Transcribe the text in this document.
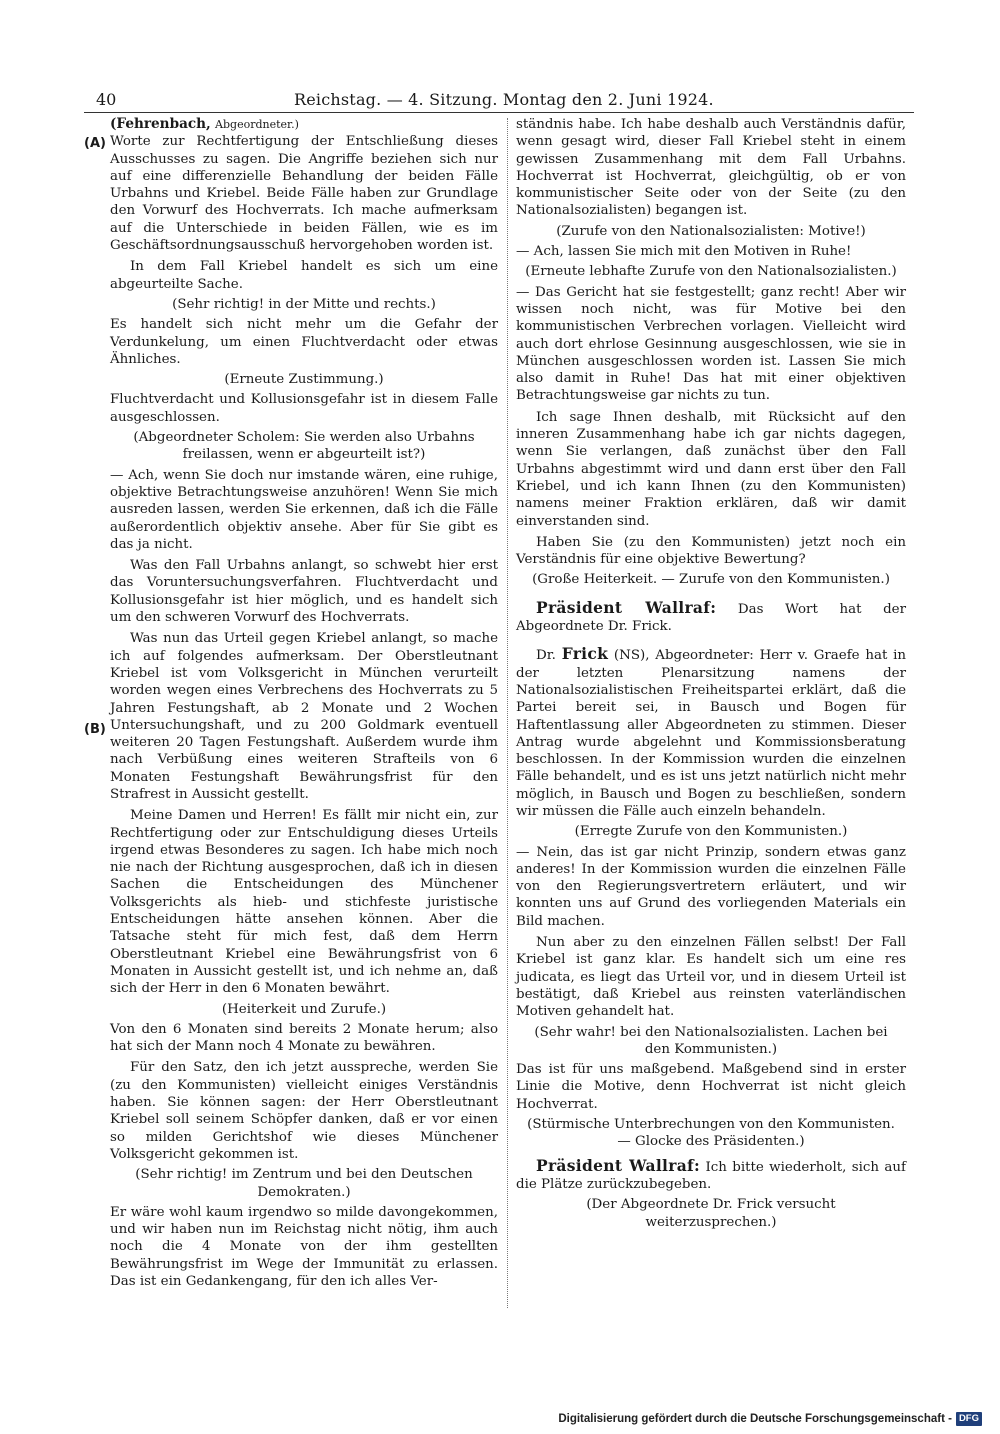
40	Reichstag. — 4. Sitzung. Montag den 2. Juni 1924.
(A)
(B)

(Fehrenbach, Abgeordneter.)

Worte zur Rechtfertigung der Entschließung dieses Ausschusses zu sagen. Die Angriffe beziehen sich nur auf eine differenzielle Behandlung der beiden Fälle Urbahns und Kriebel. Beide Fälle haben zur Grundlage den Vorwurf des Hochverrats. Ich mache aufmerksam auf die Unterschiede in beiden Fällen, wie es im Geschäftsordnungsausschuß hervorgehoben worden ist.

In dem Fall Kriebel handelt es sich um eine abgeurteilte Sache.

(Sehr richtig! in der Mitte und rechts.)

Es handelt sich nicht mehr um die Gefahr der Verdunkelung, um einen Fluchtverdacht oder etwas Ähnliches.

(Erneute Zustimmung.)

Fluchtverdacht und Kollusionsgefahr ist in diesem Falle ausgeschlossen.

(Abgeordneter Scholem: Sie werden also Urbahns freilassen, wenn er abgeurteilt ist?)

— Ach, wenn Sie doch nur imstande wären, eine ruhige, objektive Betrachtungsweise anzuhören! Wenn Sie mich ausreden lassen, werden Sie erkennen, daß ich die Fälle außerordentlich objektiv ansehe. Aber für Sie gibt es das ja nicht.

Was den Fall Urbahns anlangt, so schwebt hier erst das Voruntersuchungsverfahren. Fluchtverdacht und Kollusionsgefahr ist hier möglich, und es handelt sich um den schweren Vorwurf des Hochverrats.

Was nun das Urteil gegen Kriebel anlangt, so mache ich auf folgendes aufmerksam. Der Oberstleutnant Kriebel ist vom Volksgericht in München verurteilt worden wegen eines Verbrechens des Hochverrats zu 5 Jahren Festungshaft, ab 2 Monate und 2 Wochen Untersuchungshaft, und zu 200 Goldmark eventuell weiteren 20 Tagen Festungshaft. Außerdem wurde ihm nach Verbüßung eines weiteren Strafteils von 6 Monaten Festungshaft Bewährungsfrist für den Strafrest in Aussicht gestellt.

Meine Damen und Herren! Es fällt mir nicht ein, zur Rechtfertigung oder zur Entschuldigung dieses Urteils irgend etwas Besonderes zu sagen. Ich habe mich noch nie nach der Richtung ausgesprochen, daß ich in diesen Sachen die Entscheidungen des Münchener Volksgerichts als hieb- und stichfeste juristische Entscheidungen hätte ansehen können. Aber die Tatsache steht für mich fest, daß dem Herrn Oberstleutnant Kriebel eine Bewährungsfrist von 6 Monaten in Aussicht gestellt ist, und ich nehme an, daß sich der Herr in den 6 Monaten bewährt.

(Heiterkeit und Zurufe.)

Von den 6 Monaten sind bereits 2 Monate herum; also hat sich der Mann noch 4 Monate zu bewähren.

Für den Satz, den ich jetzt ausspreche, werden Sie (zu den Kommunisten) vielleicht einiges Verständnis haben. Sie können sagen: der Herr Oberstleutnant Kriebel soll seinem Schöpfer danken, daß er vor einen so milden Gerichtshof wie dieses Münchener Volksgericht gekommen ist.

(Sehr richtig! im Zentrum und bei den Deutschen Demokraten.)

Er wäre wohl kaum irgendwo so milde davongekommen, und wir haben nun im Reichstag nicht nötig, ihm auch noch die 4 Monate von der ihm gestellten Bewährungsfrist im Wege der Immunität zu erlassen. Das ist ein Gedankengang, für den ich alles Ver-

ständnis habe. Ich habe deshalb auch Verständnis dafür, wenn gesagt wird, dieser Fall Kriebel steht in einem gewissen Zusammenhang mit dem Fall Urbahns. Hochverrat ist Hochverrat, gleichgültig, ob er von kommunistischer Seite oder von der Seite (zu den Nationalsozialisten) begangen ist.

(Zurufe von den Nationalsozialisten: Motive!)

— Ach, lassen Sie mich mit den Motiven in Ruhe!

(Erneute lebhafte Zurufe von den Nationalsozialisten.)

— Das Gericht hat sie festgestellt; ganz recht! Aber wir wissen noch nicht, was für Motive bei den kommunistischen Verbrechen vorlagen. Vielleicht wird auch dort ehrlose Gesinnung ausgeschlossen, wie sie in München ausgeschlossen worden ist. Lassen Sie mich also damit in Ruhe! Das hat mit einer objektiven Betrachtungsweise gar nichts zu tun.

Ich sage Ihnen deshalb, mit Rücksicht auf den inneren Zusammenhang habe ich gar nichts dagegen, wenn Sie verlangen, daß zunächst über den Fall Urbahns abgestimmt wird und dann erst über den Fall Kriebel, und ich kann Ihnen (zu den Kommunisten) namens meiner Fraktion erklären, daß wir damit einverstanden sind.

Haben Sie (zu den Kommunisten) jetzt noch ein Verständnis für eine objektive Bewertung?

(Große Heiterkeit. — Zurufe von den Kommunisten.)

Präsident Wallraf: Das Wort hat der Abgeordnete Dr. Frick.

Dr. Frick (NS), Abgeordneter: Herr v. Graefe hat in der letzten Plenarsitzung namens der Nationalsozialistischen Freiheitspartei erklärt, daß die Partei bereit sei, in Bausch und Bogen für Haftentlassung aller Abgeordneten zu stimmen. Dieser Antrag wurde abgelehnt und Kommissionsberatung beschlossen. In der Kommission wurden die einzelnen Fälle behandelt, und es ist uns jetzt natürlich nicht mehr möglich, in Bausch und Bogen zu beschließen, sondern wir müssen die Fälle auch einzeln behandeln.

(Erregte Zurufe von den Kommunisten.)

— Nein, das ist gar nicht Prinzip, sondern etwas ganz anderes! In der Kommission wurden die einzelnen Fälle von den Regierungsvertretern erläutert, und wir konnten uns auf Grund des vorliegenden Materials ein Bild machen.

Nun aber zu den einzelnen Fällen selbst! Der Fall Kriebel ist ganz klar. Es handelt sich um eine res judicata, es liegt das Urteil vor, und in diesem Urteil ist bestätigt, daß Kriebel aus reinsten vaterländischen Motiven gehandelt hat.

(Sehr wahr! bei den Nationalsozialisten. Lachen bei den Kommunisten.)

Das ist für uns maßgebend. Maßgebend sind in erster Linie die Motive, denn Hochverrat ist nicht gleich Hochverrat.

(Stürmische Unterbrechungen von den Kommunisten. — Glocke des Präsidenten.)

Präsident Wallraf: Ich bitte wiederholt, sich auf die Plätze zurückzubegeben.

(Der Abgeordnete Dr. Frick versucht weiterzusprechen.)

Digitalisierung gefördert durch die Deutsche Forschungsgemeinschaft - DFG
